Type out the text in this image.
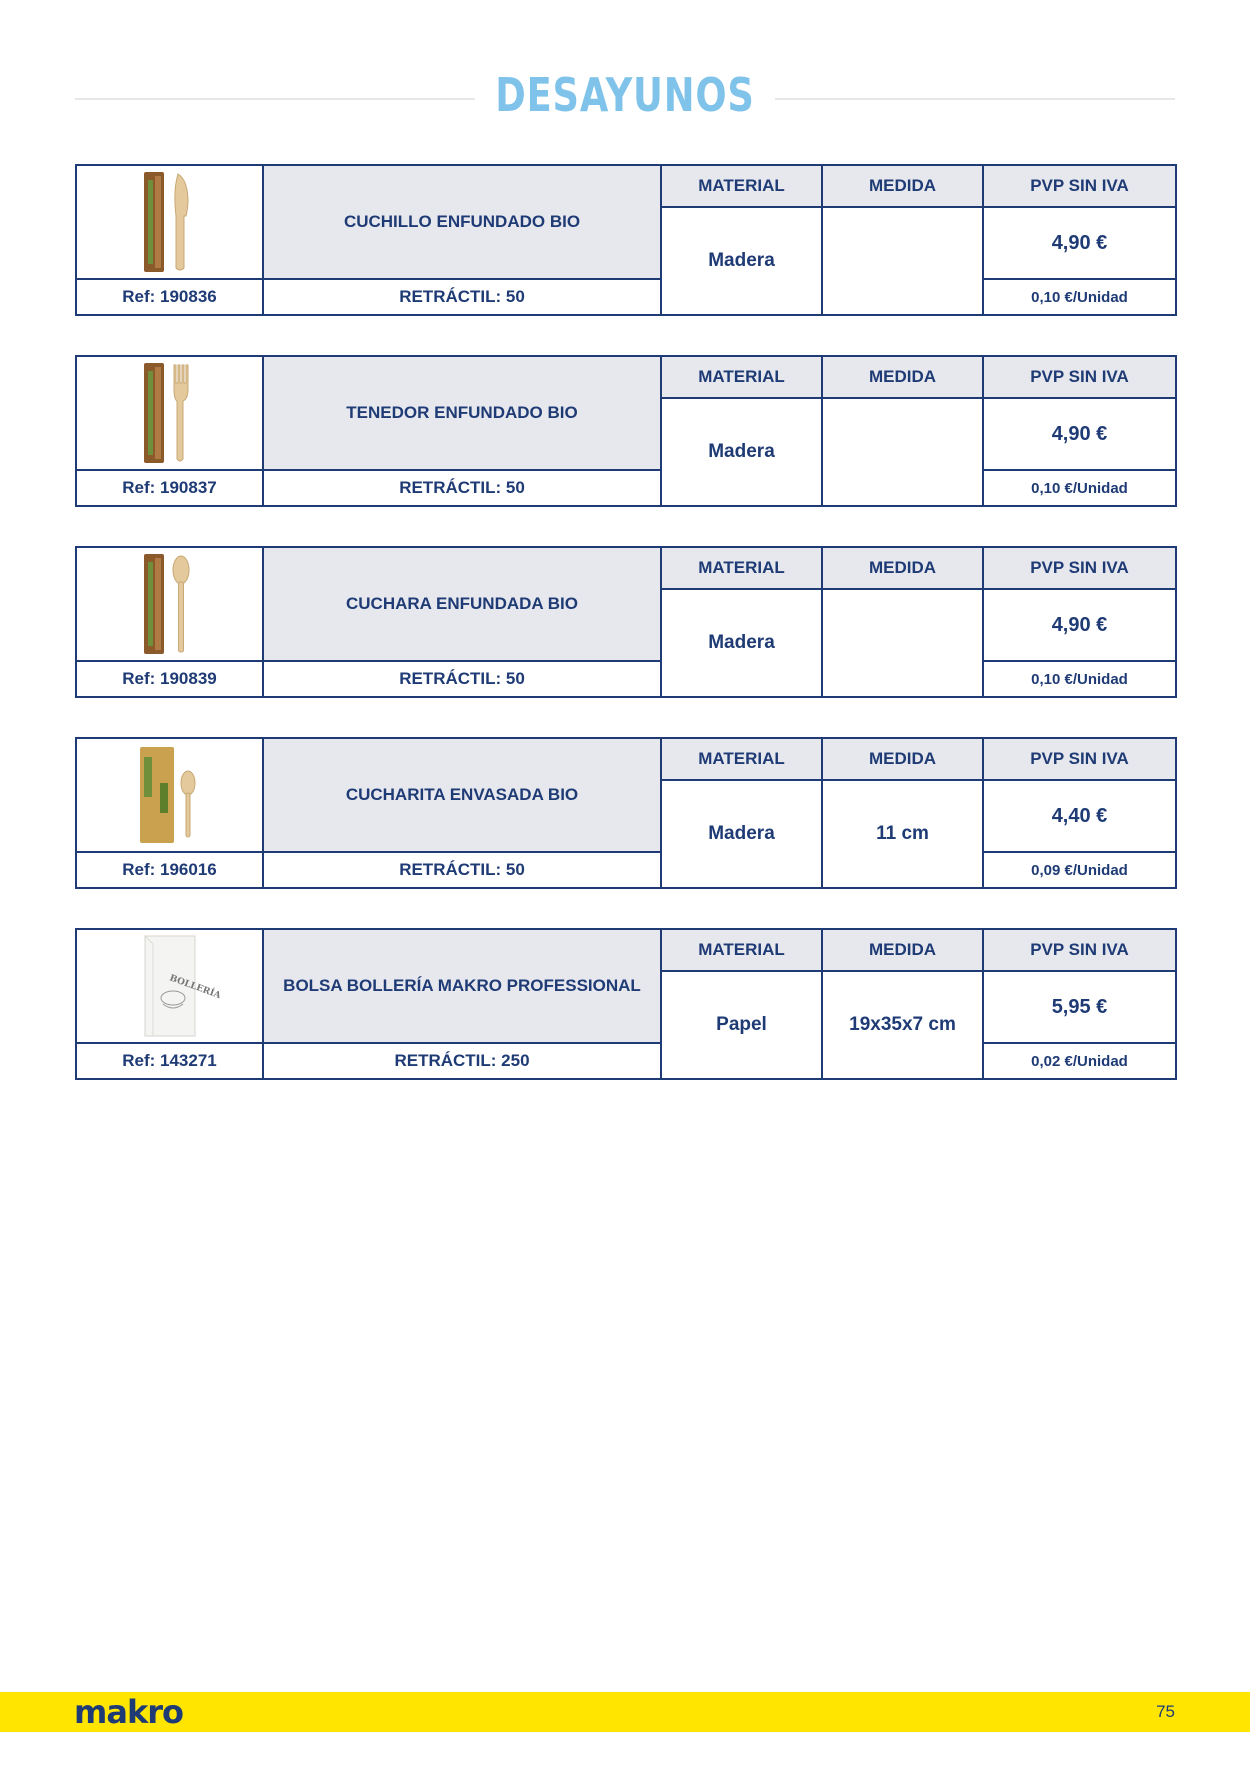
DESAYUNOS
	CUCHILLO ENFUNDADO BIO	MATERIAL	MEDIDA	PVP SIN IVA
		Madera		4,90 €
Ref: 190836	RETRÁCTIL: 50			0,10 €/Unidad
	TENEDOR ENFUNDADO BIO	MATERIAL	MEDIDA	PVP SIN IVA
		Madera		4,90 €
Ref: 190837	RETRÁCTIL: 50			0,10 €/Unidad
	CUCHARA ENFUNDADA BIO	MATERIAL	MEDIDA	PVP SIN IVA
		Madera		4,90 €
Ref: 190839	RETRÁCTIL: 50			0,10 €/Unidad
	CUCHARITA ENVASADA BIO	MATERIAL	MEDIDA	PVP SIN IVA
		Madera	11 cm	4,40 €
Ref: 196016	RETRÁCTIL: 50			0,09 €/Unidad
BOLLERÍA	BOLSA BOLLERÍA MAKRO PROFESSIONAL	MATERIAL	MEDIDA	PVP SIN IVA
		Papel	19x35x7 cm	5,95 €
Ref: 143271	RETRÁCTIL: 250			0,02 €/Unidad
makro	75
